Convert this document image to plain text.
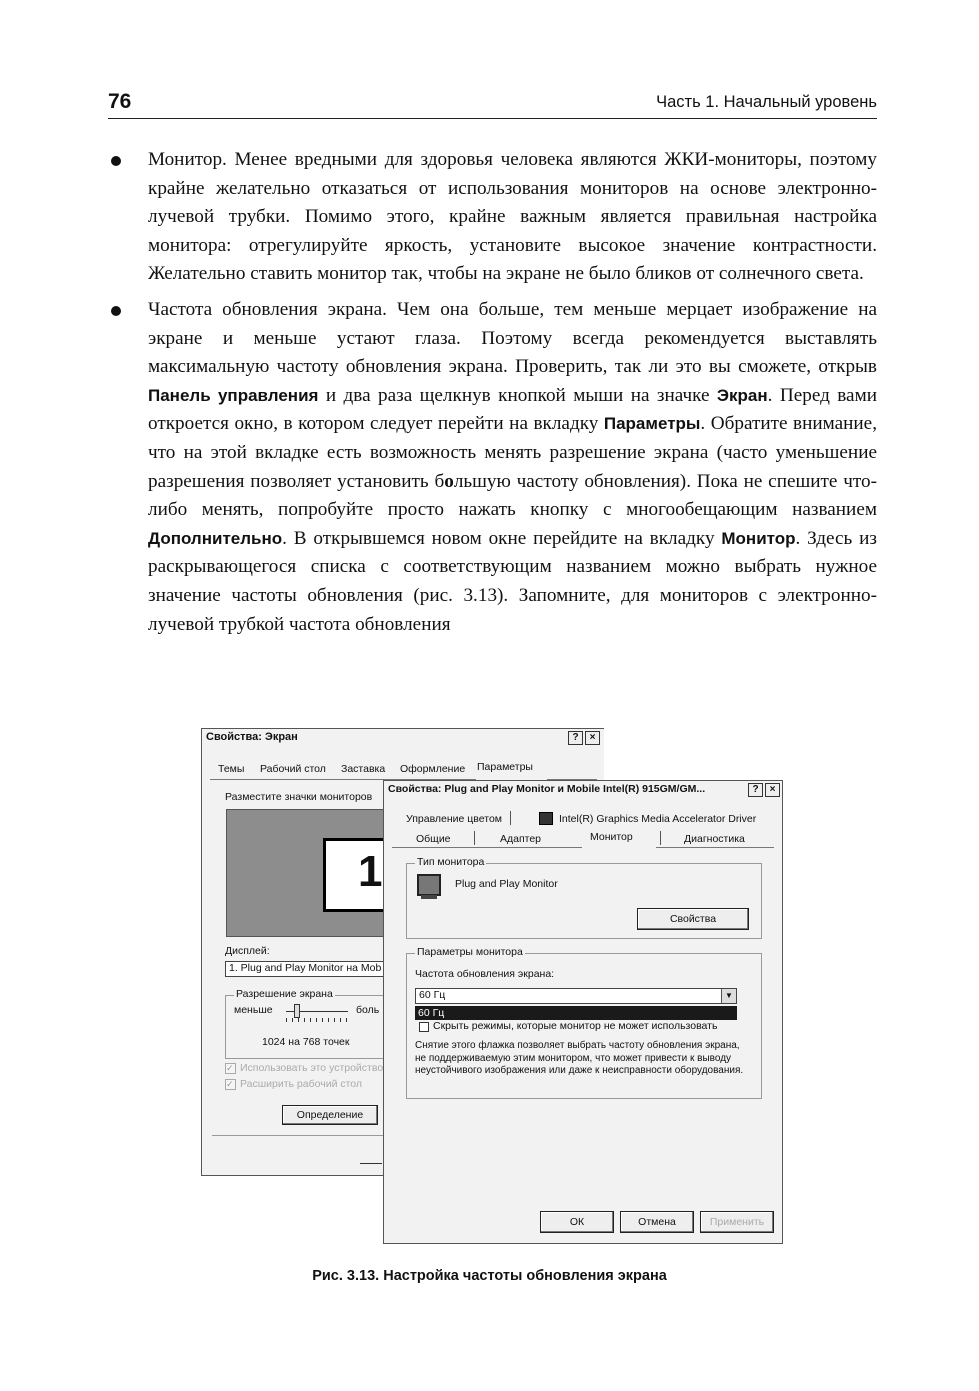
76	Часть 1. Начальный уровень

Монитор. Менее вредными для здоровья человека являются ЖКИ-мониторы, поэтому крайне желательно отказаться от использования мониторов на основе электронно-лучевой трубки. Помимо этого, крайне важным является правильная настройка монитора: отрегулируйте яркость, установите высокое значение контрастности. Желательно ставить монитор так, чтобы на экране не было бликов от солнечного света.

Частота обновления экрана. Чем она больше, тем меньше мерцает изображение на экране и меньше устают глаза. Поэтому всегда рекомендуется выставлять максимальную частоту обновления экрана. Проверить, так ли это вы сможете, открыв Панель управления и два раза щелкнув кнопкой мыши на значке Экран. Перед вами откроется окно, в котором следует перейти на вкладку Параметры. Обратите внимание, что на этой вкладке есть возможность менять разрешение экрана (часто уменьшение разрешения позволяет установить большую частоту обновления). Пока не спешите что-либо менять, попробуйте просто нажать кнопку с многообещающим названием Дополнительно. В открывшемся новом окне перейдите на вкладку Монитор. Здесь из раскрывающегося списка с соответствующим названием можно выбрать нужное значение частоты обновления (рис. 3.13). Запомните, для мониторов с электронно-лучевой трубкой частота обновления

Свойства: Экран	?	×
Темы Рабочий стол Заставка Оформление Параметры
Разместите значки мониторов
1
Дисплей:
1. Plug and Play Monitor на Mob
Разрешение экрана
меньше	боль
1024 на 768 точек
✓ Использовать это устройство
✓ Расширить рабочий стол
Определение
Свойства: Plug and Play Monitor и Mobile Intel(R) 915GM/GM...	?	×
Управление цветом	Intel(R) Graphics Media Accelerator Driver
Общие	Адаптер	Монитор	Диагностика
Тип монитора
Plug and Play Monitor
Свойства
Параметры монитора
Частота обновления экрана:
60 Гц	▼
60 Гц
Скрыть режимы, которые монитор не может использовать
Снятие этого флажка позволяет выбрать частоту обновления экрана, не поддерживаемую этим монитором, что может привести к выводу неустойчивого изображения или даже к неисправности оборудования.
ОК	Отмена	Применить
Рис. 3.13. Настройка частоты обновления экрана
